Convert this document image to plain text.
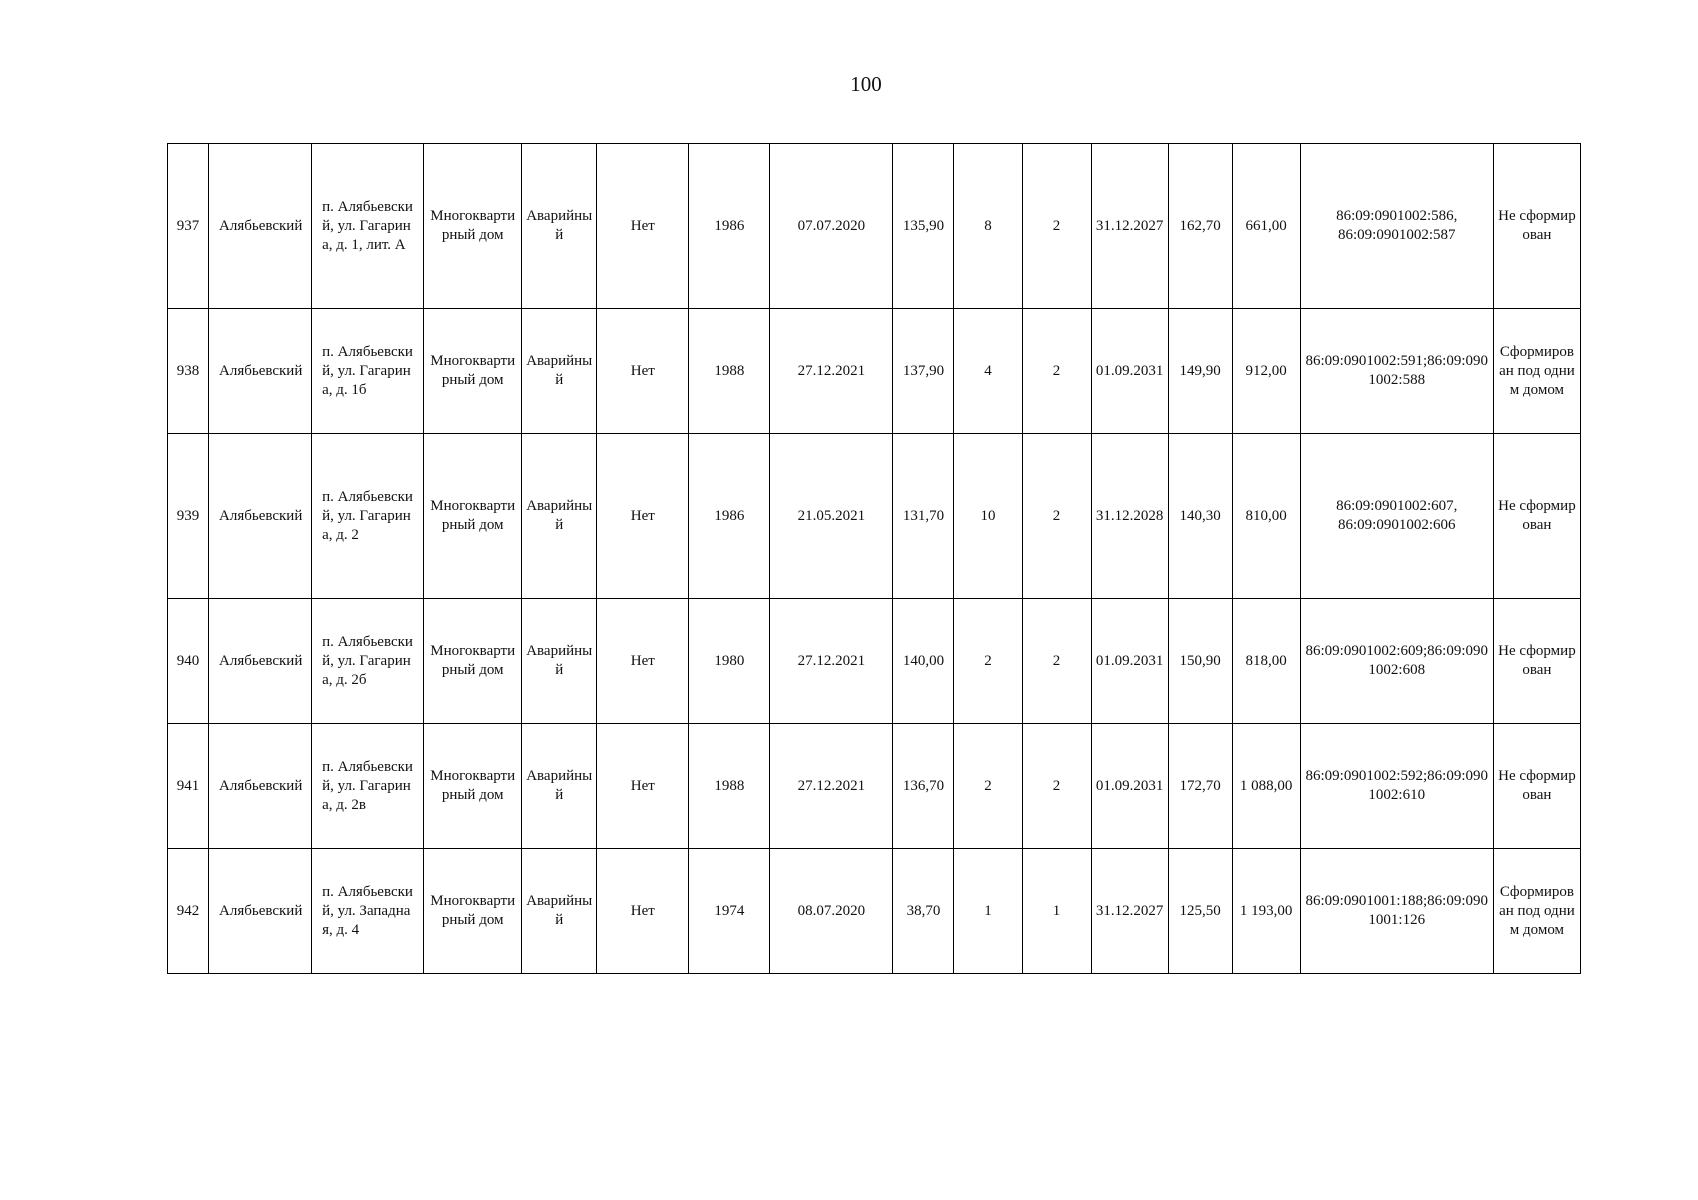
100
937	Алябьевский	п. Алябьевский, ул. Гагарина, д. 1, лит. А	Многоквартирный дом	Аварийный	Нет	1986	07.07.2020	135,90	8	2	31.12.2027	162,70	661,00	86:09:0901002:586, 86:09:0901002:587	Не сформирован
938	Алябьевский	п. Алябьевский, ул. Гагарина, д. 1б	Многоквартирный дом	Аварийный	Нет	1988	27.12.2021	137,90	4	2	01.09.2031	149,90	912,00	86:09:0901002:591;86:09:0901002:588	Сформирован под одним домом
939	Алябьевский	п. Алябьевский, ул. Гагарина, д. 2	Многоквартирный дом	Аварийный	Нет	1986	21.05.2021	131,70	10	2	31.12.2028	140,30	810,00	86:09:0901002:607, 86:09:0901002:606	Не сформирован
940	Алябьевский	п. Алябьевский, ул. Гагарина, д. 2б	Многоквартирный дом	Аварийный	Нет	1980	27.12.2021	140,00	2	2	01.09.2031	150,90	818,00	86:09:0901002:609;86:09:0901002:608	Не сформирован
941	Алябьевский	п. Алябьевский, ул. Гагарина, д. 2в	Многоквартирный дом	Аварийный	Нет	1988	27.12.2021	136,70	2	2	01.09.2031	172,70	1 088,00	86:09:0901002:592;86:09:0901002:610	Не сформирован
942	Алябьевский	п. Алябьевский, ул. Западная, д. 4	Многоквартирный дом	Аварийный	Нет	1974	08.07.2020	38,70	1	1	31.12.2027	125,50	1 193,00	86:09:0901001:188;86:09:0901001:126	Сформирован под одним домом
